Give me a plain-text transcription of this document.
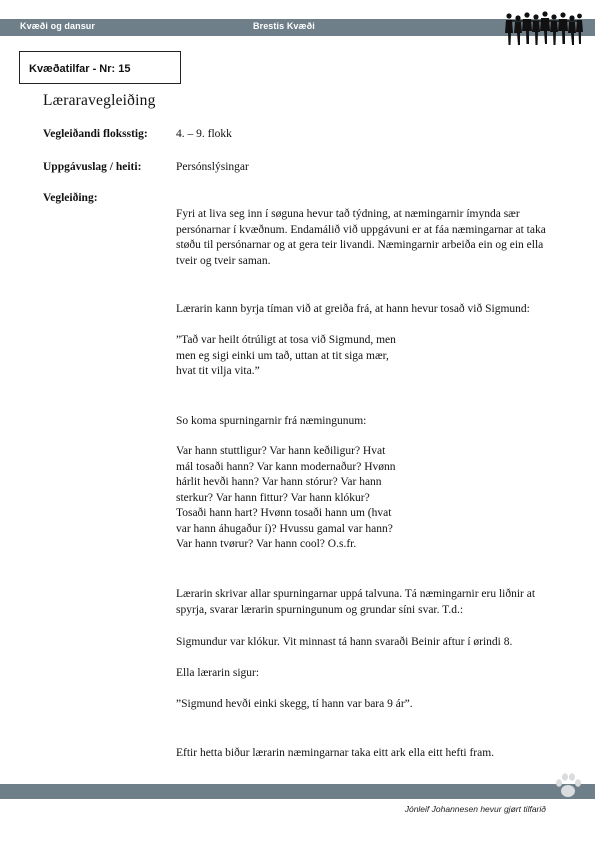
Kvæði og dansur	Brestis Kvæði
Kvæðatilfar - Nr: 15
Læraravegleiðing
Vegleiðandi floksstig: 4. – 9. flokk
Uppgávuslag / heiti:	Persónslýsingar
Vegleiðing:

Fyri at liva seg inn í søguna hevur tað týdning, at næmingarnir ímynda sær persónarnar í kvæðnum. Endamálið við uppgávuni er at fáa næmingarnar at taka støðu til persónarnar og at gera teir livandi. Næmingarnir arbeiða ein og ein ella tveir og tveir saman.

Lærarin kann byrja tíman við at greiða frá, at hann hevur tosað við Sigmund:

”Tað var heilt ótrúligt at tosa við Sigmund, men
men eg sigi einki um tað, uttan at tit siga mær,
hvat tit vilja vita.”

So koma spurningarnir frá næmingunum:

Var hann stuttligur? Var hann keðiligur? Hvat
mál tosaði hann? Var kann modernaður? Hvønn
hárlit hevði hann? Var hann stórur? Var hann
sterkur? Var hann fittur? Var hann klókur?
Tosaði hann hart? Hvønn tosaði hann um (hvat
var hann áhugaður í)? Hvussu gamal var hann?
Var hann tvørur? Var hann cool? O.s.fr.

Lærarin skrivar allar spurningarnar uppá talvuna. Tá næmingarnir eru liðnir at spyrja, svarar lærarin spurningunum og grundar síni svar. T.d.:

Sigmundur var klókur. Vit minnast tá hann svaraði Beinir aftur í ørindi 8.

Ella lærarin sigur:

”Sigmund hevði einki skegg, tí hann var bara 9 ár”.

Eftir hetta biður lærarin næmingarnar taka eitt ark ella eitt hefti fram.

Jónleif Johannesen hevur gjørt tilfarið
